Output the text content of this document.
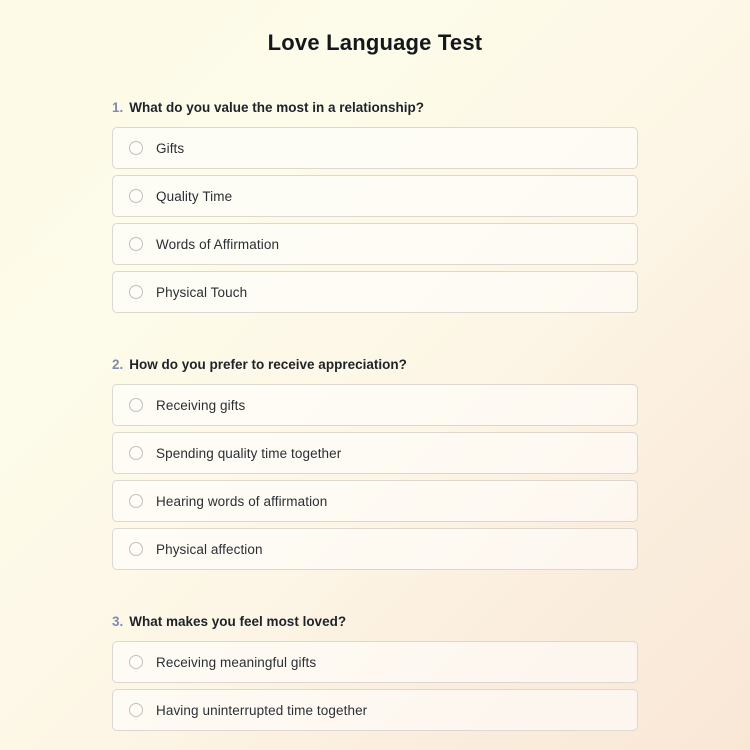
Love Language Test
1. What do you value the most in a relationship?
Gifts
Quality Time
Words of Affirmation
Physical Touch
2. How do you prefer to receive appreciation?
Receiving gifts
Spending quality time together
Hearing words of affirmation
Physical affection
3. What makes you feel most loved?
Receiving meaningful gifts
Having uninterrupted time together
